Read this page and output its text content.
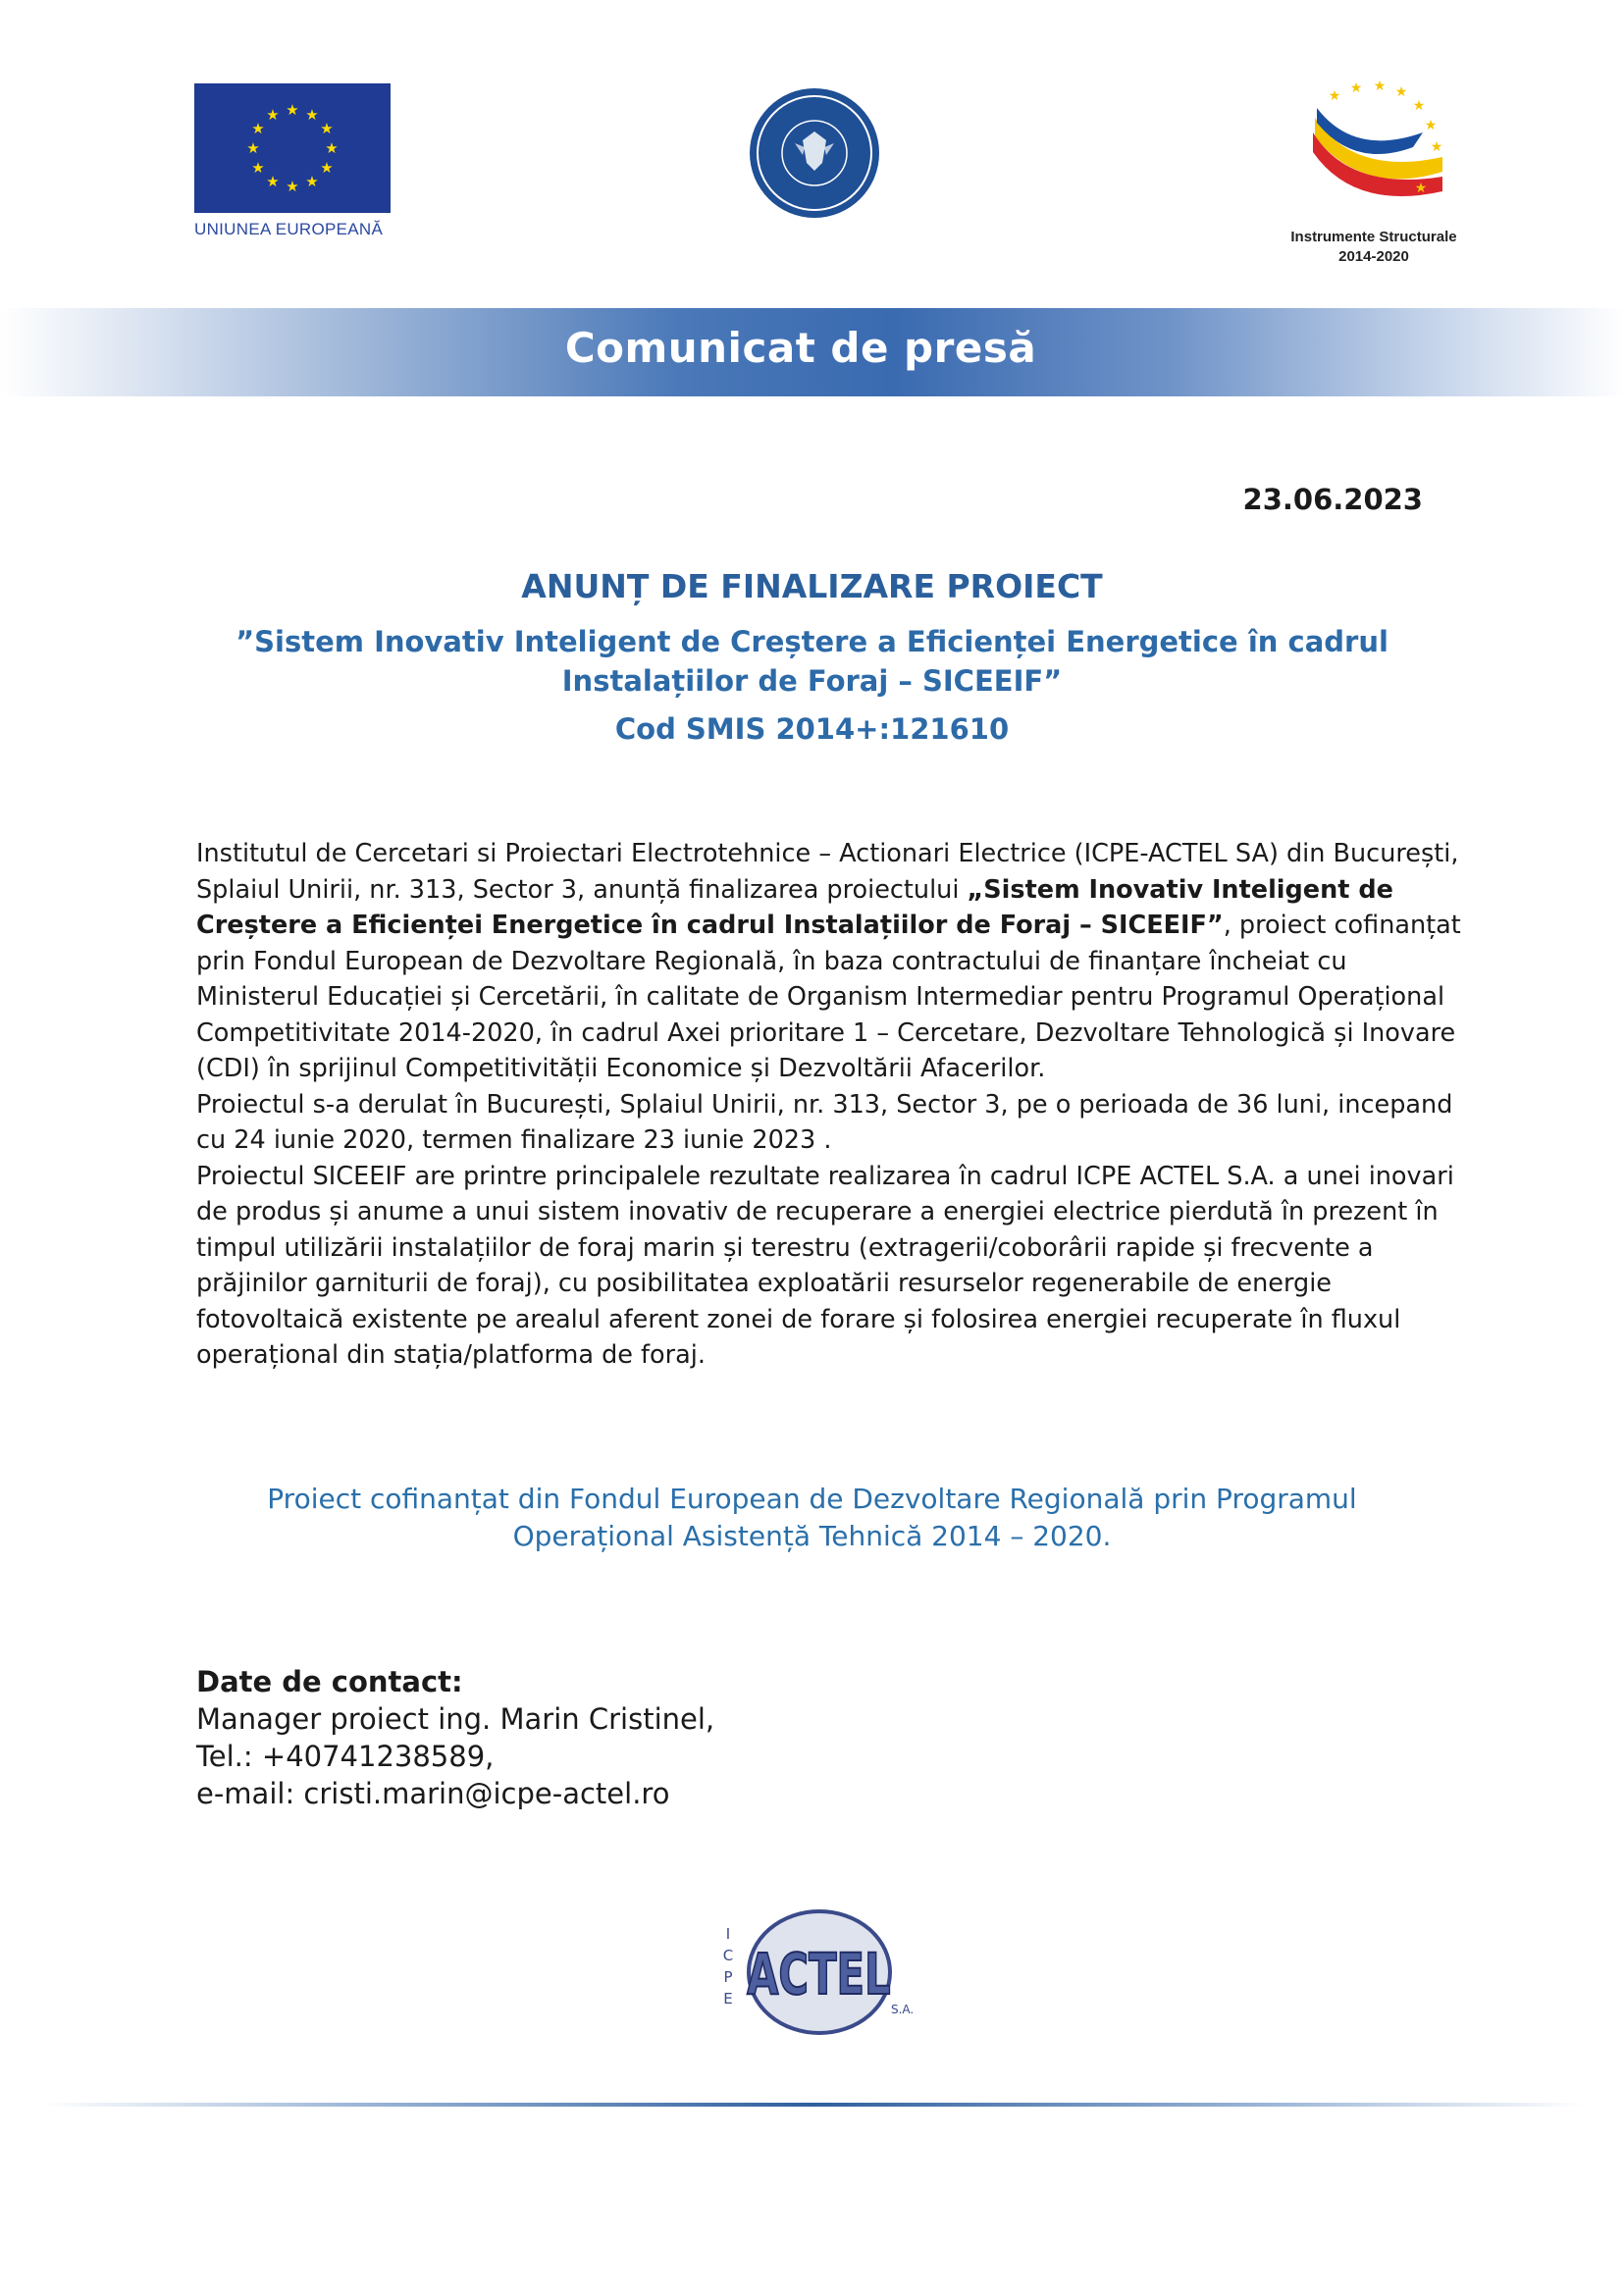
★ ★
★
★
★
★
★
★
★
★
★
★
UNIUNEA EUROPEANĂ
★ ★ ★ ★
★
★
★
★
★
Instrumente Structurale
2014-2020
Comunicat de presă
23.06.2023
ANUNȚ DE FINALIZARE PROIECT
”Sistem Inovativ Inteligent de Creștere a Eficienței Energetice în cadrul
Instalațiilor de Foraj – SICEEIF”
Cod SMIS 2014+:121610

Institutul de Cercetari si Proiectari Electrotehnice – Actionari Electrice (ICPE-ACTEL SA) din București, Splaiul Unirii, nr. 313, Sector 3, anunță finalizarea proiectului „Sistem Inovativ Inteligent de Creștere a Eficienței Energetice în cadrul Instalațiilor de Foraj – SICEEIF”, proiect cofinanțat prin Fondul European de Dezvoltare Regională, în baza contractului de finanțare încheiat cu Ministerul Educației și Cercetării, în calitate de Organism Intermediar pentru Programul Operațional Competitivitate 2014-2020, în cadrul Axei prioritare 1 – Cercetare, Dezvoltare Tehnologică și Inovare (CDI) în sprijinul Competitivității Economice și Dezvoltării Afacerilor.

Proiectul s-a derulat în București, Splaiul Unirii, nr. 313, Sector 3, pe o perioada de 36 luni, incepand cu 24 iunie 2020, termen finalizare 23 iunie 2023 .

Proiectul SICEEIF are printre principalele rezultate realizarea în cadrul ICPE ACTEL S.A. a unei inovari de produs și anume a unui sistem inovativ de recuperare a energiei electrice pierdută în prezent în timpul utilizării instalațiilor de foraj marin și terestru (extragerii/coborârii rapide și frecvente a prăjinilor garniturii de foraj), cu posibilitatea exploatării resurselor regenerabile de energie fotovoltaică existente pe arealul aferent zonei de forare și folosirea energiei recuperate în fluxul operațional din stația/platforma de foraj.

Proiect cofinanțat din Fondul European de Dezvoltare Regională prin Programul
Operațional Asistență Tehnică 2014 – 2020.
Date de contact:
Manager proiect ing. Marin Cristinel,
Tel.: +40741238589,
e-mail: cristi.marin@icpe-actel.ro
I
C
P
E ACTEL
S.A.
